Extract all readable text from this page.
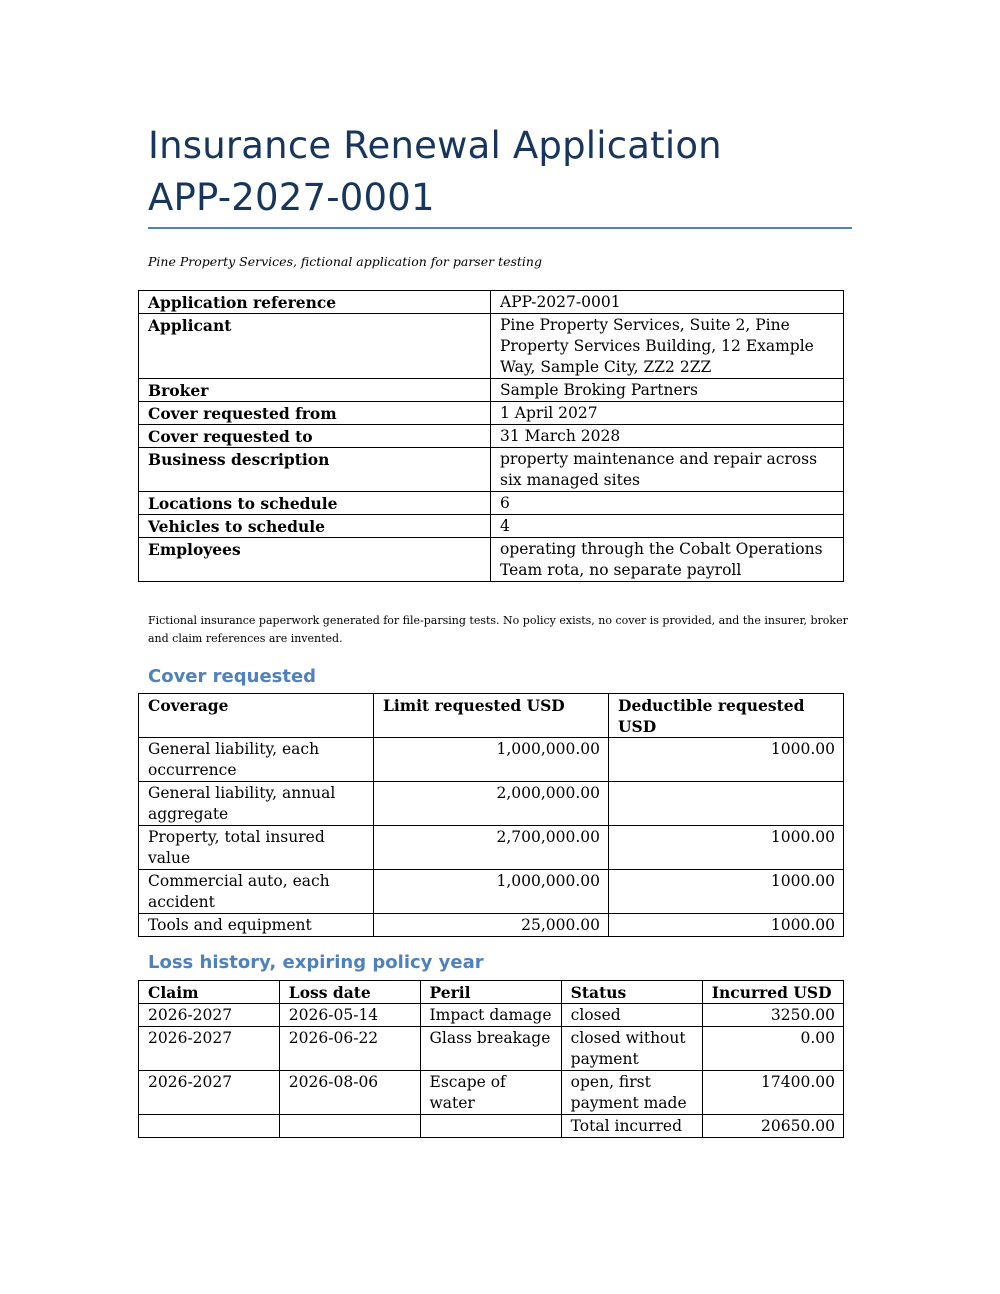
Insurance Renewal Application
APP-2027-0001
Pine Property Services, fictional application for parser testing
Application reference	APP-2027-0001
Applicant	Pine Property Services, Suite 2, Pine Property Services Building, 12 Example Way, Sample City, ZZ2 2ZZ
Broker	Sample Broking Partners
Cover requested from	1 April 2027
Cover requested to	31 March 2028
Business description	property maintenance and repair across six managed sites
Locations to schedule	6
Vehicles to schedule	4
Employees	operating through the Cobalt Operations Team rota, no separate payroll
Fictional insurance paperwork generated for file-parsing tests. No policy exists, no cover is provided, and the insurer, broker and claim references are invented.
Cover requested
Coverage	Limit requested USD	Deductible requested USD
General liability, each occurrence	1,000,000.00	1000.00
General liability, annual aggregate	2,000,000.00	
Property, total insured value	2,700,000.00	1000.00
Commercial auto, each accident	1,000,000.00	1000.00
Tools and equipment	25,000.00	1000.00
Loss history, expiring policy year
Claim	Loss date	Peril	Status	Incurred USD
2026-2027	2026-05-14	Impact damage	closed	3250.00
2026-2027	2026-06-22	Glass breakage	closed without payment	0.00
2026-2027	2026-08-06	Escape of water	open, first payment made	17400.00
			Total incurred	20650.00
